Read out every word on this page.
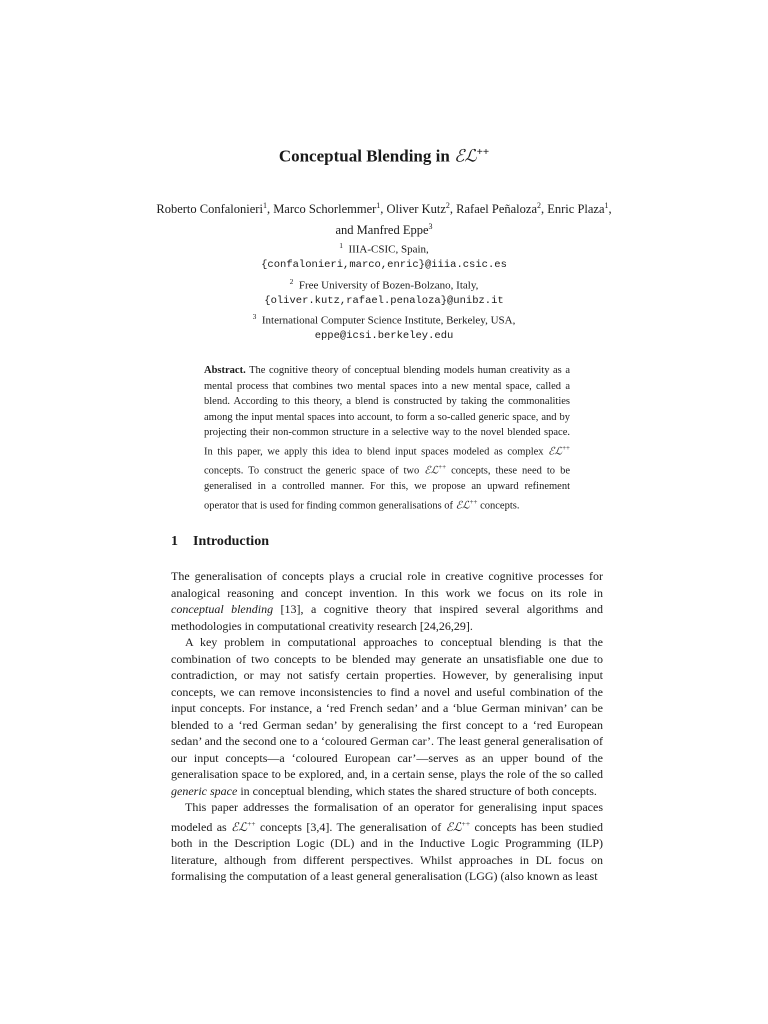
Conceptual Blending in ℰℒ++
Roberto Confalonieri$^1$, Marco Schorlemmer$^1$, Oliver Kutz$^2$, Rafael Peñaloza$^2$, Enric Plaza$^1$, and Manfred Eppe$^3$
$^1$ IIIA-CSIC, Spain,
{confalonieri,marco,enric}@iiia.csic.es
$^2$ Free University of Bozen-Bolzano, Italy,
{oliver.kutz,rafael.penaloza}@unibz.it
$^3$ International Computer Science Institute, Berkeley, USA,
eppe@icsi.berkeley.edu
Abstract. The cognitive theory of conceptual blending models human creativity as a mental process that combines two mental spaces into a new mental space, called a blend. According to this theory, a blend is constructed by taking the commonalities among the input mental spaces into account, to form a so-called generic space, and by projecting their non-common structure in a selective way to the novel blended space. In this paper, we apply this idea to blend input spaces modeled as complex ℰℒ++ concepts. To construct the generic space of two ℰℒ++ concepts, these need to be generalised in a controlled manner. For this, we propose an upward refinement operator that is used for finding common generalisations of ℰℒ++ concepts.
1 Introduction

The generalisation of concepts plays a crucial role in creative cognitive processes for analogical reasoning and concept invention. In this work we focus on its role in conceptual blending [13], a cognitive theory that inspired several algorithms and methodologies in computational creativity research [24,26,29].

A key problem in computational approaches to conceptual blending is that the combination of two concepts to be blended may generate an unsatisfiable one due to contradiction, or may not satisfy certain properties. However, by generalising input concepts, we can remove inconsistencies to find a novel and useful combination of the input concepts. For instance, a ‘red French sedan’ and a ‘blue German minivan’ can be blended to a ‘red German sedan’ by generalising the first concept to a ‘red European sedan’ and the second one to a ‘coloured German car’. The least general generalisation of our input concepts—a ‘coloured European car’—serves as an upper bound of the generalisation space to be explored, and, in a certain sense, plays the role of the so called generic space in conceptual blending, which states the shared structure of both concepts.

This paper addresses the formalisation of an operator for generalising input spaces modeled as ℰℒ++ concepts [3,4]. The generalisation of ℰℒ++ concepts has been studied both in the Description Logic (DL) and in the Inductive Logic Programming (ILP) literature, although from different perspectives. Whilst approaches in DL focus on formalising the computation of a least general generalisation (LGG) (also known as least
